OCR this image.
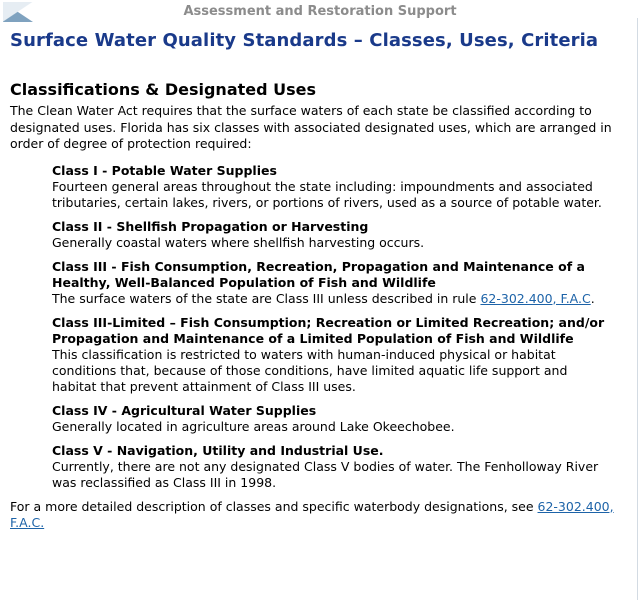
Assessment and Restoration Support
Surface Water Quality Standards – Classes, Uses, Criteria
Classifications & Designated Uses

The Clean Water Act requires that the surface waters of each state be classified according to designated uses. Florida has six classes with associated designated uses, which are arranged in order of degree of protection required:

Class I - Potable Water Supplies
Fourteen general areas throughout the state including: impoundments and associated tributaries, certain lakes, rivers, or portions of rivers, used as a source of potable water.
Class II - Shellfish Propagation or Harvesting
Generally coastal waters where shellfish harvesting occurs.
Class III - Fish Consumption, Recreation, Propagation and Maintenance of a Healthy, Well-Balanced Population of Fish and Wildlife
The surface waters of the state are Class III unless described in rule 62-302.400, F.A.C.
Class III-Limited – Fish Consumption; Recreation or Limited Recreation; and/or Propagation and Maintenance of a Limited Population of Fish and Wildlife
This classification is restricted to waters with human-induced physical or habitat conditions that, because of those conditions, have limited aquatic life support and habitat that prevent attainment of Class III uses.
Class IV - Agricultural Water Supplies
Generally located in agriculture areas around Lake Okeechobee.
Class V - Navigation, Utility and Industrial Use.
Currently, there are not any designated Class V bodies of water. The Fenholloway River was reclassified as Class III in 1998.

For a more detailed description of classes and specific waterbody designations, see 62-302.400, F.A.C.
